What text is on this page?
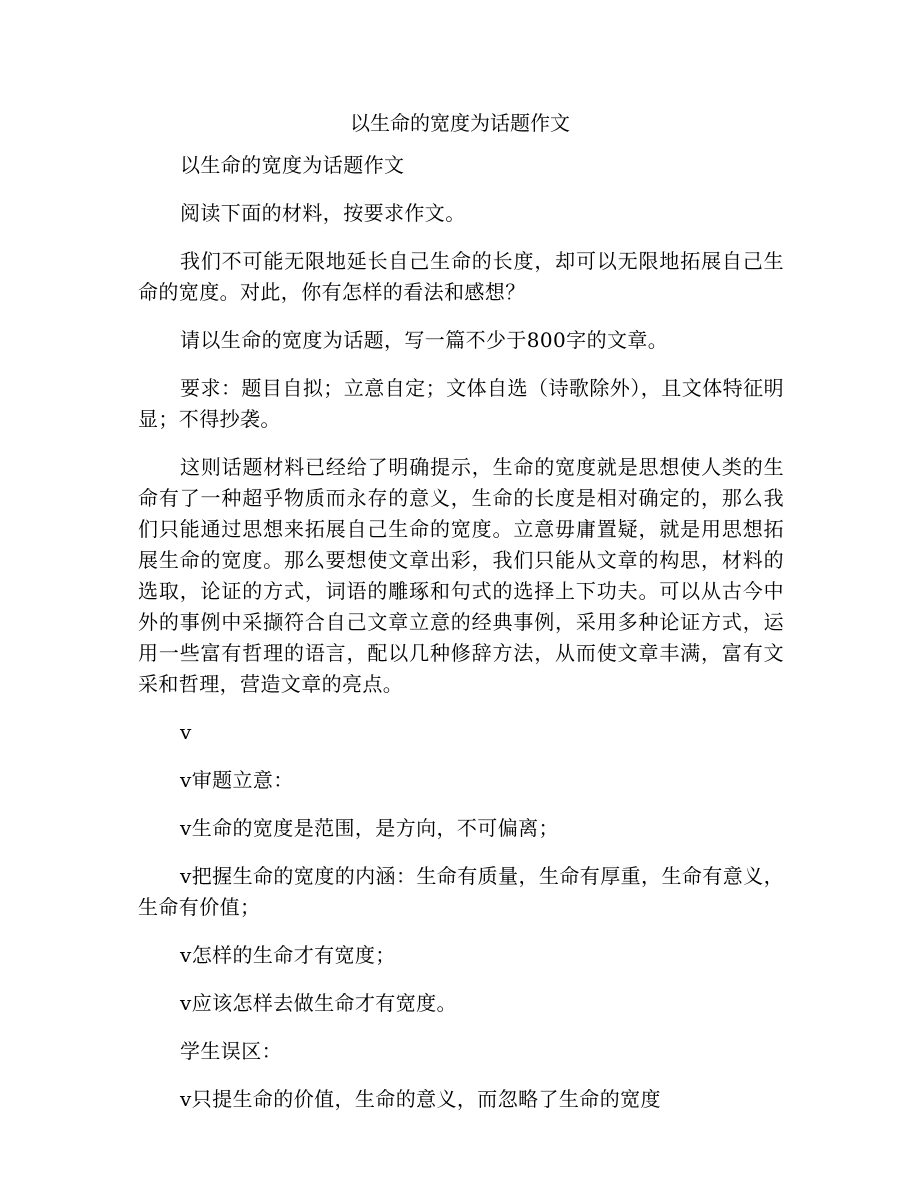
以生命的宽度为话题作文

以生命的宽度为话题作文

阅读下面的材料，按要求作文。

我们不可能无限地延长自己生命的长度，却可以无限地拓展自己生命的宽度。对此，你有怎样的看法和感想？

请以生命的宽度为话题，写一篇不少于800字的文章。

要求：题目自拟；立意自定；文体自选（诗歌除外），且文体特征明显；不得抄袭。

这则话题材料已经给了明确提示，生命的宽度就是思想使人类的生命有了一种超乎物质而永存的意义，生命的长度是相对确定的，那么我们只能通过思想来拓展自己生命的宽度。立意毋庸置疑，就是用思想拓展生命的宽度。那么要想使文章出彩，我们只能从文章的构思，材料的选取，论证的方式，词语的雕琢和句式的选择上下功夫。可以从古今中外的事例中采撷符合自己文章立意的经典事例，采用多种论证方式，运用一些富有哲理的语言，配以几种修辞方法，从而使文章丰满，富有文采和哲理，营造文章的亮点。

v

v审题立意：

v生命的宽度是范围，是方向，不可偏离；

v把握生命的宽度的内涵：生命有质量，生命有厚重，生命有意义，生命有价值；

v怎样的生命才有宽度；

v应该怎样去做生命才有宽度。

学生误区：

v只提生命的价值，生命的意义，而忽略了生命的宽度
